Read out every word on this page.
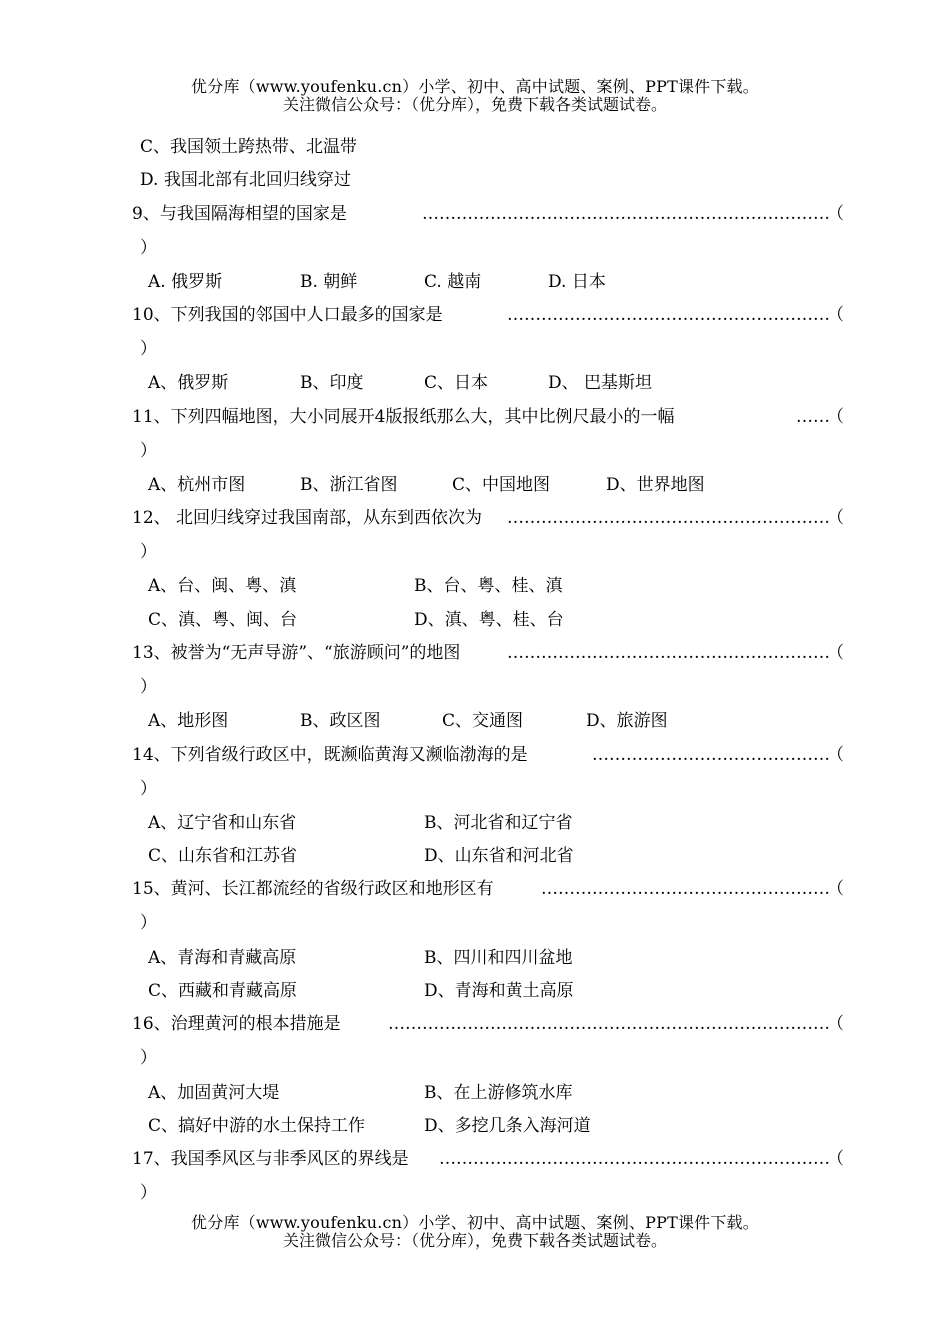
优分库（www.youfenku.cn）小学、初中、高中试题、案例、PPT课件下载。
关注微信公众号：（优分库），免费下载各类试题试卷。
C、我国领土跨热带、北温带
D. 我国北部有北回归线穿过
9、与我国隔海相望的国家是	………………………………………………………………
（
）
A. 俄罗斯	B. 朝鲜	C. 越南	D. 日本
10、下列我国的邻国中人口最多的国家是	…………………………………………………
（
）
A、俄罗斯	B、印度	C、日本	D、 巴基斯坦
11、下列四幅地图，大小同展开4版报纸那么大，其中比例尺最小的一幅	……
（
）
A、杭州市图	B、浙江省图	C、中国地图	D、世界地图
12、 北回归线穿过我国南部，从东到西依次为 …………………………………………………
（
）
A、台、闽、粤、滇	B、台、粤、桂、滇
C、滇、粤、闽、台	D、滇、粤、桂、台
13、被誉为“无声导游”、“旅游顾问”的地图	…………………………………………………
（
）
A、地形图	B、政区图	C、交通图	D、旅游图
14、下列省级行政区中，既濒临黄海又濒临渤海的是	……………………………………
（
）
A、辽宁省和山东省	B、河北省和辽宁省
C、山东省和江苏省	D、山东省和河北省
15、黄河、长江都流经的省级行政区和地形区有	……………………………………………
（
）
A、青海和青藏高原	B、四川和四川盆地
C、西藏和青藏高原	D、青海和黄土高原
16、治理黄河的根本措施是	……………………………………………………………………
（
）
A、加固黄河大堤	B、在上游修筑水库
C、搞好中游的水土保持工作	D、多挖几条入海河道
17、我国季风区与非季风区的界线是 ……………………………………………………………
（
）
优分库（www.youfenku.cn）小学、初中、高中试题、案例、PPT课件下载。
关注微信公众号：（优分库），免费下载各类试题试卷。
